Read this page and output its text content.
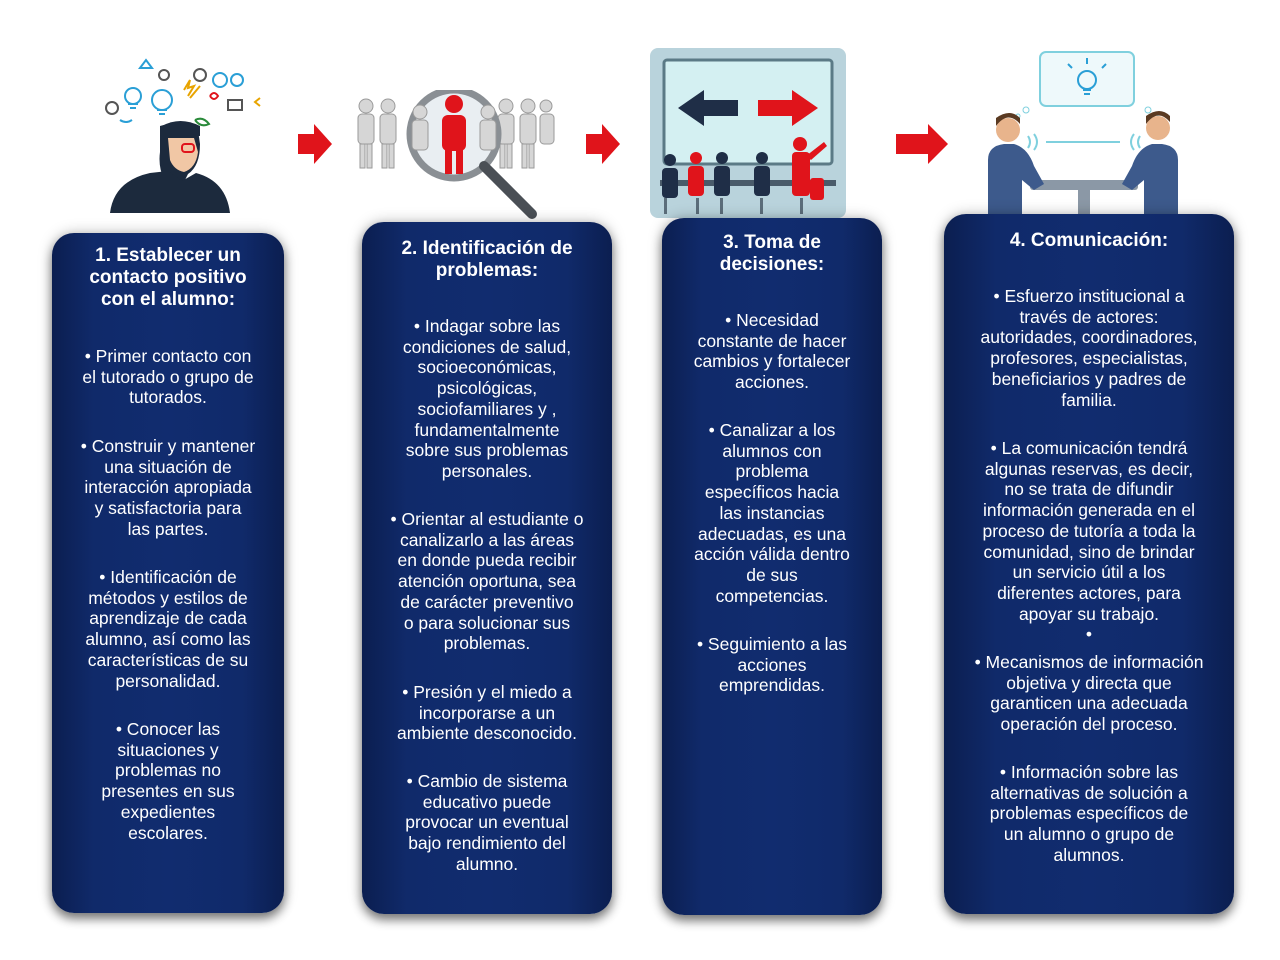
1. Establecer un
contacto positivo
con el alumno:
• Primer contacto con
el tutorado o grupo de
tutorados.
• Construir y mantener
una situación de
interacción apropiada
y satisfactoria para
las partes.
• Identificación de
métodos y estilos de
aprendizaje de cada
alumno, así como las
características de su
personalidad.
• Conocer las
situaciones y
problemas no
presentes en sus
expedientes
escolares.
2. Identificación de
problemas:
• Indagar sobre las
condiciones de salud,
socioeconómicas,
psicológicas,
sociofamiliares y ,
fundamentalmente
sobre sus problemas
personales.
• Orientar al estudiante o
canalizarlo a las áreas
en donde pueda recibir
atención oportuna, sea
de carácter preventivo
o para solucionar sus
problemas.
• Presión y el miedo a
incorporarse a un
ambiente desconocido.
• Cambio de sistema
educativo puede
provocar un eventual
bajo rendimiento del
alumno.
3. Toma de
decisiones:
• Necesidad
constante de hacer
cambios y fortalecer
acciones.
• Canalizar a los
alumnos con
problema
específicos hacia
las instancias
adecuadas, es una
acción válida dentro
de sus
competencias.
• Seguimiento a las
acciones
emprendidas.
4. Comunicación:
• Esfuerzo institucional a
través de actores:
autoridades, coordinadores,
profesores, especialistas,
beneficiarios y padres de
familia.
• La comunicación tendrá
algunas reservas, es decir,
no se trata de difundir
información generada en el
proceso de tutoría a toda la
comunidad, sino de brindar
un servicio útil a los
diferentes actores, para
apoyar su trabajo.
•
• Mecanismos de información
objetiva y directa que
garanticen una adecuada
operación del proceso.
• Información sobre las
alternativas de solución a
problemas específicos de
un alumno o grupo de
alumnos.
